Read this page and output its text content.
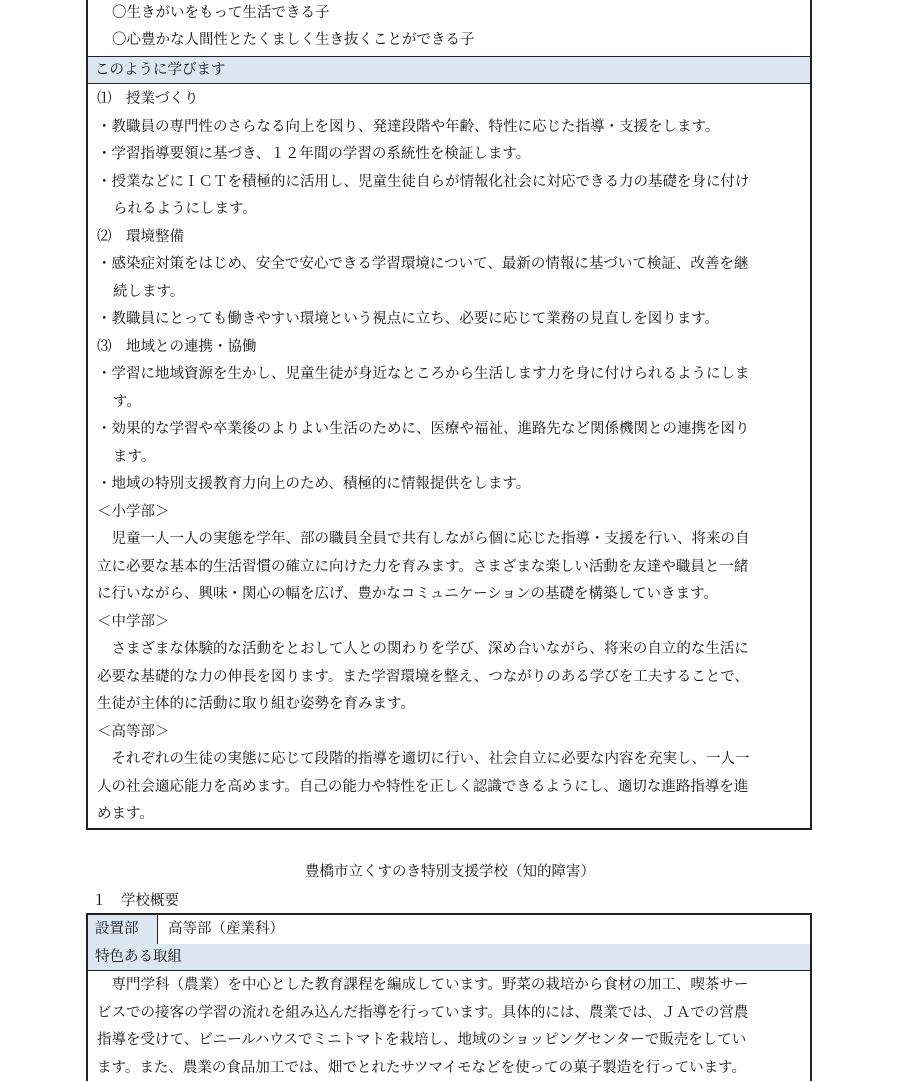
〇生きがいをもって生活できる子
〇心豊かな人間性とたくましく生き抜くことができる子
このように学びます
⑴　授業づくり
・教職員の専門性のさらなる向上を図り、発達段階や年齢、特性に応じた指導・支援をします。
・学習指導要領に基づき、１２年間の学習の系統性を検証します。
・授業などにＩＣＴを積極的に活用し、児童生徒自らが情報化社会に対応できる力の基礎を身に付け
られるようにします。
⑵　環境整備
・感染症対策をはじめ、安全で安心できる学習環境について、最新の情報に基づいて検証、改善を継
続します。
・教職員にとっても働きやすい環境という視点に立ち、必要に応じて業務の見直しを図ります。
⑶　地域との連携・協働
・学習に地域資源を生かし、児童生徒が身近なところから生活します力を身に付けられるようにしま
す。
・効果的な学習や卒業後のよりよい生活のために、医療や福祉、進路先など関係機関との連携を図り
ます。
・地域の特別支援教育力向上のため、積極的に情報提供をします。
＜小学部＞
　児童一人一人の実態を学年、部の職員全員で共有しながら個に応じた指導・支援を行い、将来の自
立に必要な基本的生活習慣の確立に向けた力を育みます。さまざまな楽しい活動を友達や職員と一緒
に行いながら、興味・関心の幅を広げ、豊かなコミュニケーションの基礎を構築していきます。
＜中学部＞
　さまざまな体験的な活動をとおして人との関わりを学び、深め合いながら、将来の自立的な生活に
必要な基礎的な力の伸長を図ります。また学習環境を整え、つながりのある学びを工夫することで、
生徒が主体的に活動に取り組む姿勢を育みます。
＜高等部＞
　それぞれの生徒の実態に応じて段階的指導を適切に行い、社会自立に必要な内容を充実し、一人一
人の社会適応能力を高めます。自己の能力や特性を正しく認識できるようにし、適切な進路指導を進
めます。
豊橋市立くすのき特別支援学校（知的障害）
１　学校概要
設置部	高等部（産業科）
特色ある取組
　専門学科（農業）を中心とした教育課程を編成しています。野菜の栽培から食材の加工、喫茶サー
ビスでの接客の学習の流れを組み込んだ指導を行っています。具体的には、農業では、ＪＡでの営農
指導を受けて、ビニールハウスでミニトマトを栽培し、地域のショッピングセンターで販売をしてい
ます。また、農業の食品加工では、畑でとれたサツマイモなどを使っての菓子製造を行っています。
